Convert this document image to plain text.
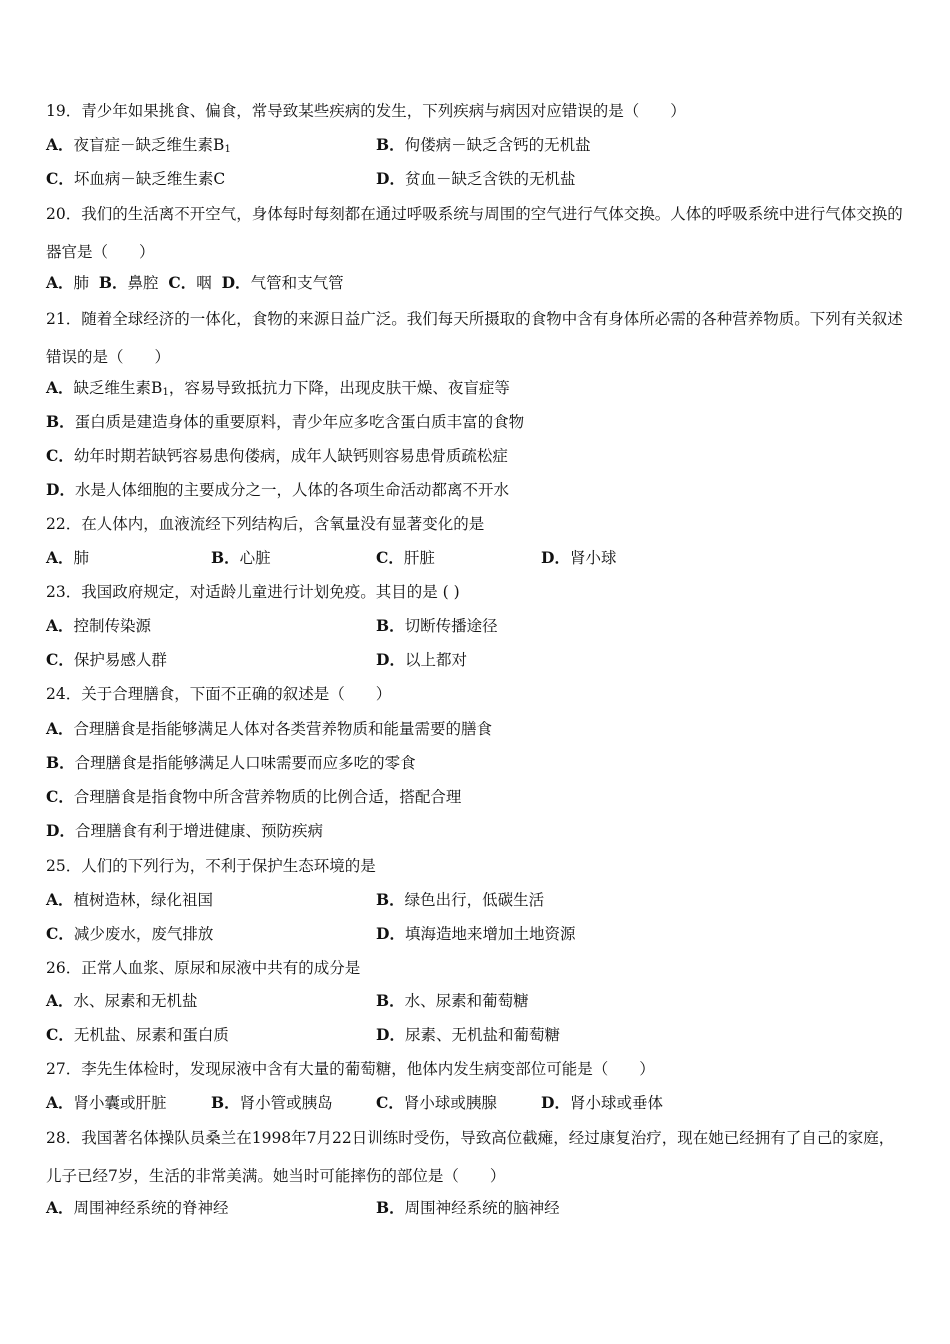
19．青少年如果挑食、偏食，常导致某些疾病的发生，下列疾病与病因对应错误的是（　　）
A．夜盲症－缺乏维生素$B_1$	B．佝偻病－缺乏含钙的无机盐
C．坏血病－缺乏维生素C	D．贫血－缺乏含铁的无机盐
20．我们的生活离不开空气，身体每时每刻都在通过呼吸系统与周围的空气进行气体交换。人体的呼吸系统中进行气体交换的器官是（　　）
A．肺 B．鼻腔 C．咽 D．气管和支气管
21．随着全球经济的一体化，食物的来源日益广泛。我们每天所摄取的食物中含有身体所必需的各种营养物质。下列有关叙述错误的是（　　）
A．缺乏维生素$B_1$，容易导致抵抗力下降，出现皮肤干燥、夜盲症等
B．蛋白质是建造身体的重要原料，青少年应多吃含蛋白质丰富的食物
C．幼年时期若缺钙容易患佝偻病，成年人缺钙则容易患骨质疏松症
D．水是人体细胞的主要成分之一，人体的各项生命活动都离不开水
22．在人体内，血液流经下列结构后，含氧量没有显著变化的是
A．肺	B．心脏	C．肝脏	D．肾小球
23．我国政府规定，对适龄儿童进行计划免疫。其目的是 ( )
A．控制传染源	B．切断传播途径
C．保护易感人群	D．以上都对
24．关于合理膳食，下面不正确的叙述是（　　）
A．合理膳食是指能够满足人体对各类营养物质和能量需要的膳食
B．合理膳食是指能够满足人口味需要而应多吃的零食
C．合理膳食是指食物中所含营养物质的比例合适，搭配合理
D．合理膳食有利于增进健康、预防疾病
25．人们的下列行为，不利于保护生态环境的是
A．植树造林，绿化祖国	B．绿色出行，低碳生活
C．减少废水，废气排放	D．填海造地来增加土地资源
26．正常人血浆、原尿和尿液中共有的成分是
A．水、尿素和无机盐	B．水、尿素和葡萄糖
C．无机盐、尿素和蛋白质	D．尿素、无机盐和葡萄糖
27．李先生体检时，发现尿液中含有大量的葡萄糖，他体内发生病变部位可能是（　　）
A．肾小囊或肝脏	B．肾小管或胰岛	C．肾小球或胰腺	D．肾小球或垂体
28．我国著名体操队员桑兰在1998年7月22日训练时受伤，导致高位截瘫，经过康复治疗，现在她已经拥有了自己的家庭，儿子已经7岁，生活的非常美满。她当时可能摔伤的部位是（　　）
A．周围神经系统的脊神经	B．周围神经系统的脑神经
